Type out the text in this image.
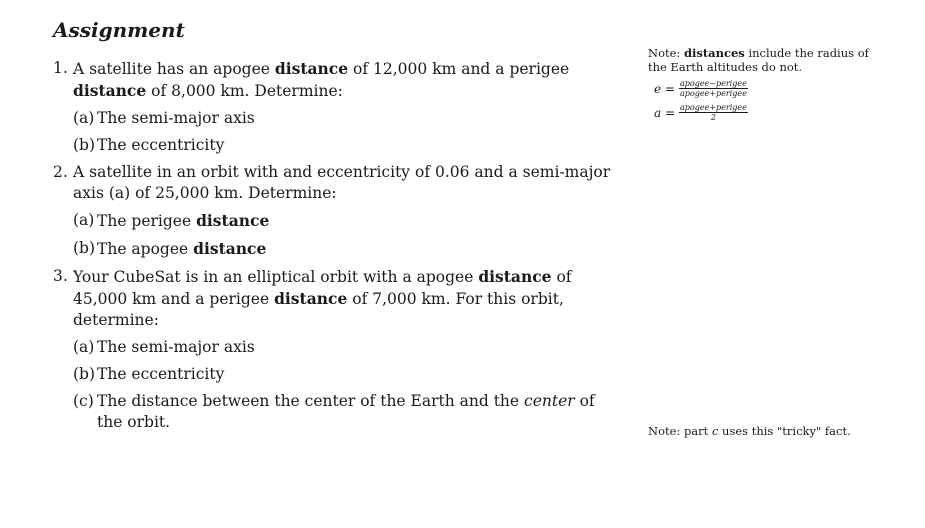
Assignment
1. A satellite has an apogee distance of 12,000 km and a perigee distance of 8,000 km. Determine:
(a) The semi-major axis
(b) The eccentricity
2. A satellite in an orbit with and eccentricity of 0.06 and a semi-major axis (a) of 25,000 km. Determine:
(a) The perigee distance
(b) The apogee distance
3. Your CubeSat is in an elliptical orbit with a apogee distance of 45,000 km and a perigee distance of 7,000 km. For this orbit, determine:
(a) The semi-major axis
(b) The eccentricity
(c) The distance between the center of the Earth and the center of the orbit.
Note: distances include the radius of the Earth altitudes do not.
$e = \frac{\text{apogee−perigee}}{\text{apogee+perigee}}$
$a = \frac{\text{apogee+perigee}}{2}$
Note: part c uses this "tricky" fact.
